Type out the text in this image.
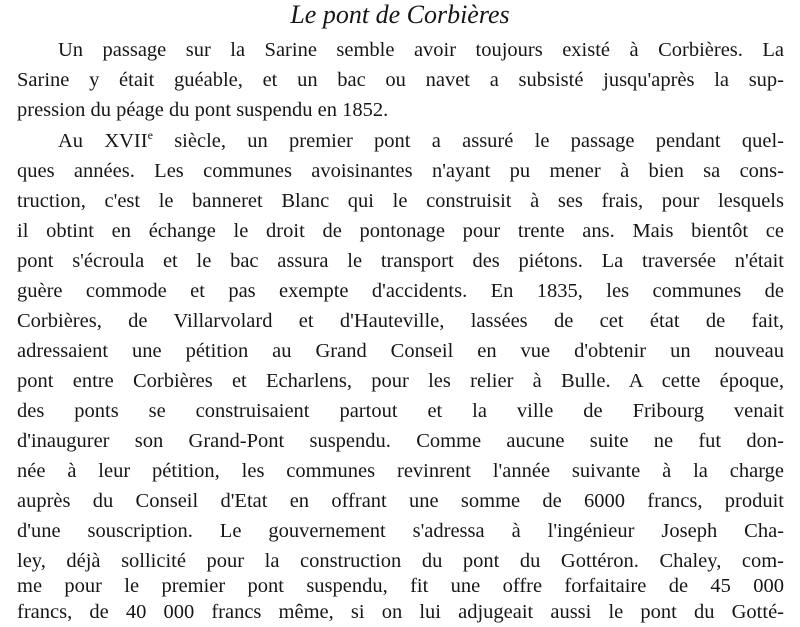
Le pont de Corbières

Un passage sur la Sarine semble avoir toujours existé à Corbières. La

Sarine y était guéable, et un bac ou navet a subsisté jusqu'après la sup-

pression du péage du pont suspendu en 1852.

Au XVIIe siècle, un premier pont a assuré le passage pendant quel-

ques années. Les communes avoisinantes n'ayant pu mener à bien sa cons-

truction, c'est le banneret Blanc qui le construisit à ses frais, pour lesquels

il obtint en échange le droit de pontonage pour trente ans. Mais bientôt ce

pont s'écroula et le bac assura le transport des piétons. La traversée n'était

guère commode et pas exempte d'accidents. En 1835, les communes de

Corbières, de Villarvolard et d'Hauteville, lassées de cet état de fait,

adressaient une pétition au Grand Conseil en vue d'obtenir un nouveau

pont entre Corbières et Echarlens, pour les relier à Bulle. A cette époque,

des ponts se construisaient partout et la ville de Fribourg venait

d'inaugurer son Grand-Pont suspendu. Comme aucune suite ne fut don-

née à leur pétition, les communes revinrent l'année suivante à la charge

auprès du Conseil d'Etat en offrant une somme de 6000 francs, produit

d'une souscription. Le gouvernement s'adressa à l'ingénieur Joseph Cha-

ley, déjà sollicité pour la construction du pont du Gottéron. Chaley, com-

me pour le premier pont suspendu, fit une offre forfaitaire de 45 000

francs, de 40 000 francs même, si on lui adjugeait aussi le pont du Gotté-
